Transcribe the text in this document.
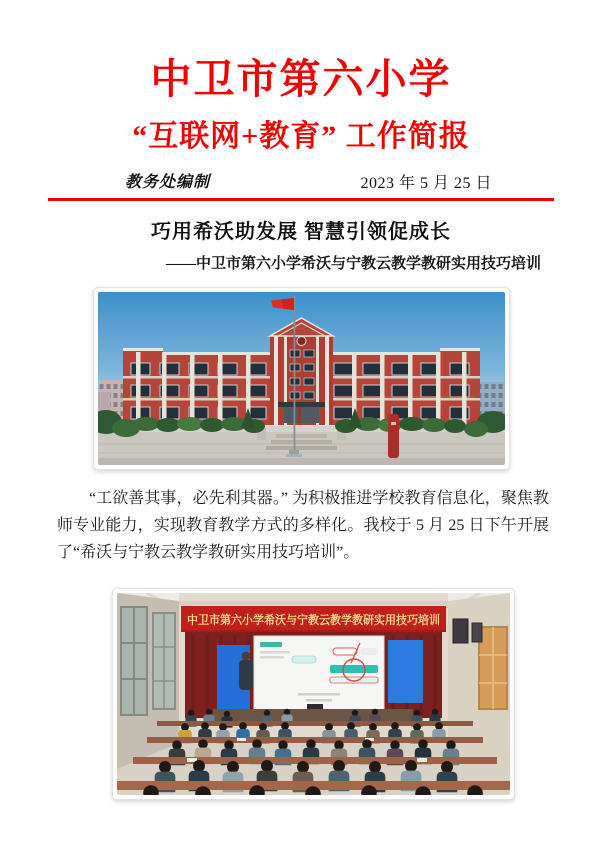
中卫市第六小学
“互联网+教育” 工作简报
教务处编制	2023 年 5 月 25 日
巧用希沃助发展 智慧引领促成长
——中卫市第六小学希沃与宁教云教学教研实用技巧培训

“工欲善其事，必先利其器。” 为积极推进学校教育信息化，聚焦教师专业能力，实现教育教学方式的多样化。我校于 5 月 25 日下午开展了“希沃与宁教云教学教研实用技巧培训”。

中卫市第六小学希沃与宁教云教学教研实用技巧培训
